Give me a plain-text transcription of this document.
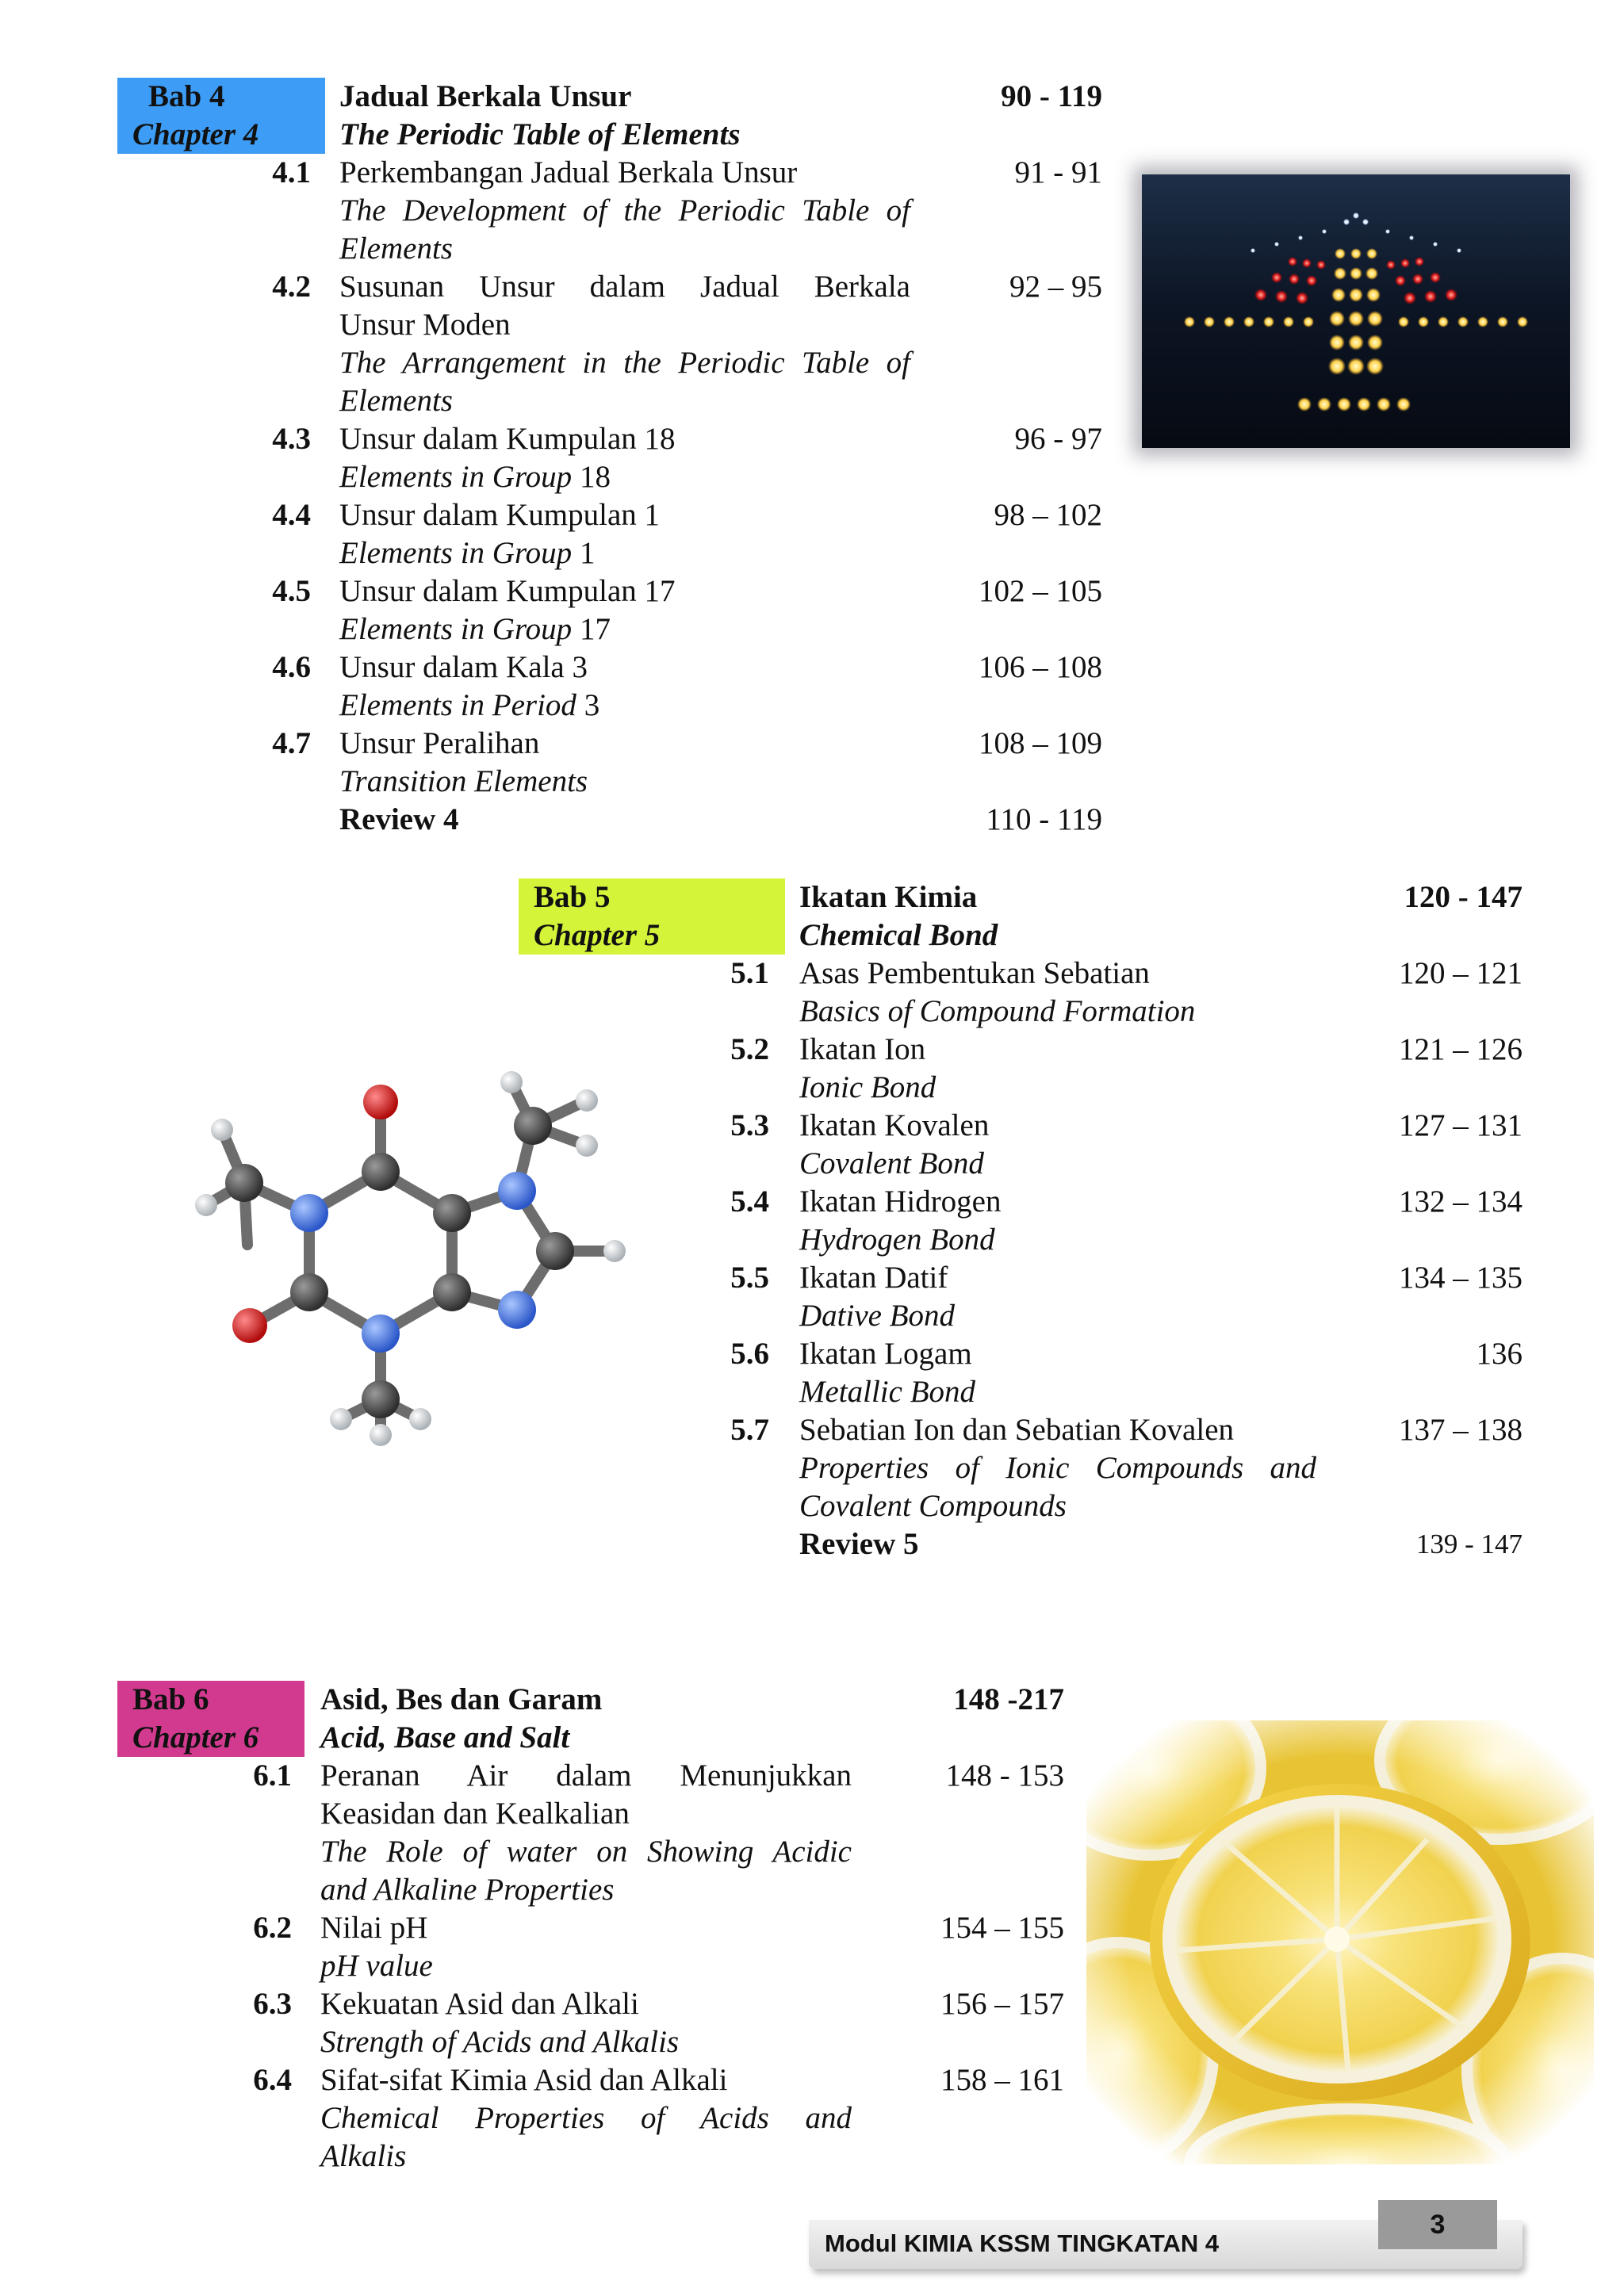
Bab 4
Chapter 4
Jadual Berkala Unsur
The Periodic Table of Elements
90 - 119
4.1 Perkembangan Jadual Berkala Unsur
The Development of the Periodic Table of
Elements
91 - 91
4.2 Susunan Unsur dalam Jadual Berkala
Unsur Moden
The Arrangement in the Periodic Table of
Elements
92 – 95
4.3 Unsur dalam Kumpulan 18
Elements in Group 18
96 - 97
4.4 Unsur dalam Kumpulan 1
Elements in Group 1
98 – 102
4.5 Unsur dalam Kumpulan 17
Elements in Group 17
102 – 105
4.6 Unsur dalam Kala 3
Elements in Period 3
106 – 108
4.7 Unsur Peralihan
Transition Elements
108 – 109
Review 4	110 - 119
Bab 5
Chapter 5
Ikatan Kimia
Chemical Bond
120 - 147
5.1 Asas Pembentukan Sebatian
Basics of Compound Formation
120 – 121
5.2 Ikatan Ion
Ionic Bond
121 – 126
5.3 Ikatan Kovalen
Covalent Bond
127 – 131
5.4 Ikatan Hidrogen
Hydrogen Bond
132 – 134
5.5 Ikatan Datif
Dative Bond
134 – 135
5.6 Ikatan Logam
Metallic Bond
136
5.7 Sebatian Ion dan Sebatian Kovalen
Properties of Ionic Compounds and
Covalent Compounds
137 – 138
Review 5	139 - 147
Bab 6
Chapter 6
Asid, Bes dan Garam
Acid, Base and Salt
148 -217
6.1 Peranan Air dalam Menunjukkan
Keasidan dan Kealkalian
The Role of water on Showing Acidic
and Alkaline Properties
148 - 153
6.2 Nilai pH
pH value
154 – 155
6.3 Kekuatan Asid dan Alkali
Strength of Acids and Alkalis
156 – 157
6.4 Sifat-sifat Kimia Asid dan Alkali
Chemical Properties of Acids and
Alkalis
158 – 161
Modul KIMIA KSSM TINGKATAN 4
3
